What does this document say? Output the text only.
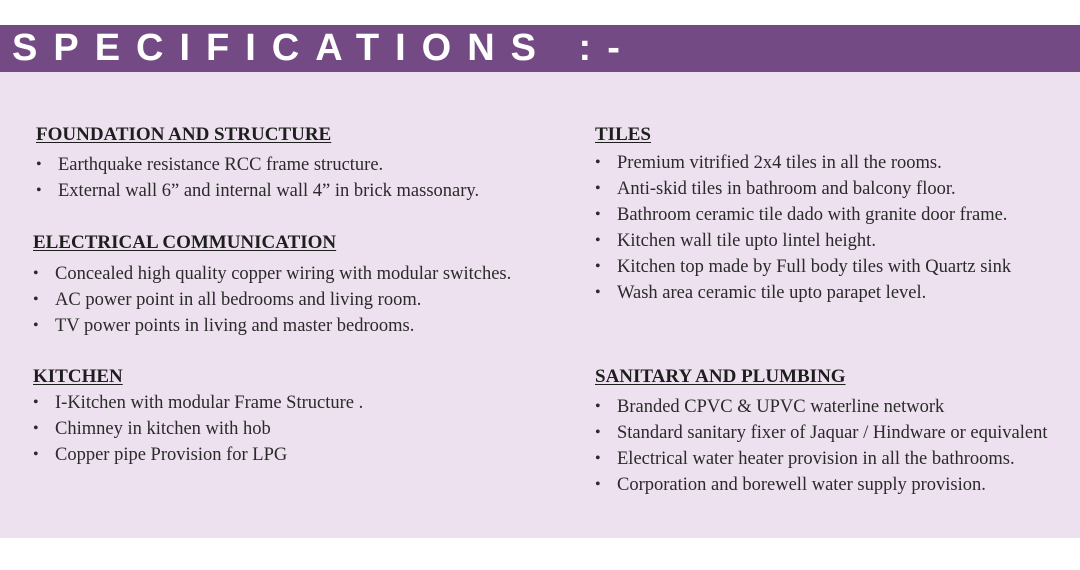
SPECIFICATIONS :-
FOUNDATION AND STRUCTURE
• Earthquake resistance RCC frame structure.
• External wall 6” and internal wall 4” in brick massonary.
ELECTRICAL COMMUNICATION
• Concealed high quality copper wiring with modular switches.
• AC power point in all bedrooms and living room.
• TV power points in living and master bedrooms.
KITCHEN
• I-Kitchen with modular Frame Structure .
• Chimney in kitchen with hob
• Copper pipe Provision for LPG
TILES
• Premium vitrified 2x4 tiles in all the rooms.
• Anti-skid tiles in bathroom and balcony floor.
• Bathroom ceramic tile dado with granite door frame.
• Kitchen wall tile upto lintel height.
• Kitchen top made by Full body tiles with Quartz sink
• Wash area ceramic tile upto parapet level.
SANITARY AND PLUMBING
• Branded CPVC & UPVC waterline network
• Standard sanitary fixer of Jaquar / Hindware or equivalent
• Electrical water heater provision in all the bathrooms.
• Corporation and borewell water supply provision.
